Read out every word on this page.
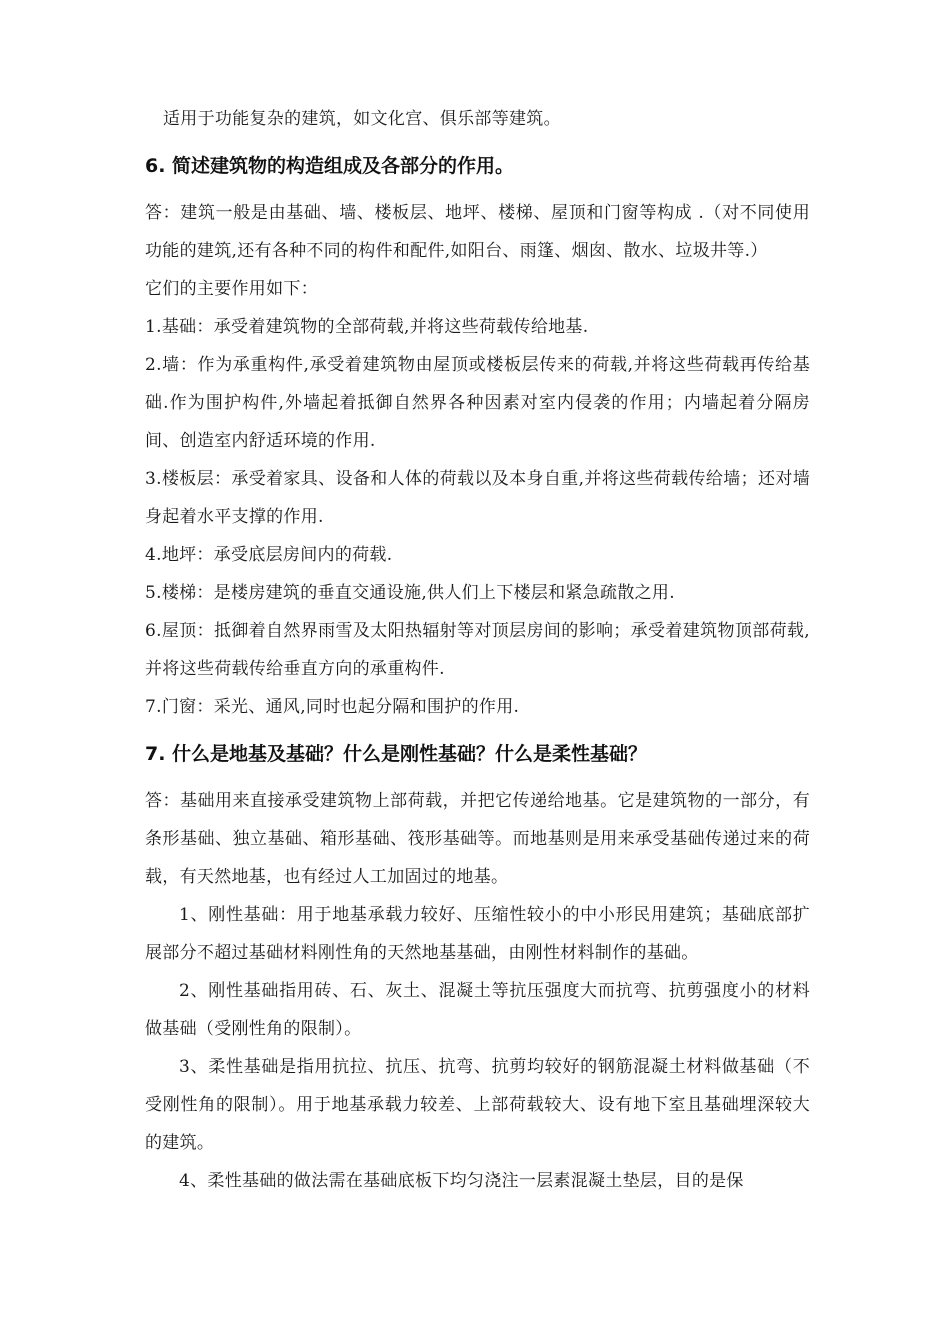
适用于功能复杂的建筑，如文化宫、俱乐部等建筑。

6. 简述建筑物的构造组成及各部分的作用。

答：建筑一般是由基础、墙、楼板层、地坪、楼梯、屋顶和门窗等构成 .（对不同使用功能的建筑,还有各种不同的构件和配件,如阳台、雨篷、烟囱、散水、垃圾井等.）

它们的主要作用如下：

1.基础：承受着建筑物的全部荷载,并将这些荷载传给地基.

2.墙：作为承重构件,承受着建筑物由屋顶或楼板层传来的荷载,并将这些荷载再传给基础.作为围护构件,外墙起着抵御自然界各种因素对室内侵袭的作用；内墙起着分隔房间、创造室内舒适环境的作用.

3.楼板层：承受着家具、设备和人体的荷载以及本身自重,并将这些荷载传给墙；还对墙身起着水平支撑的作用.

4.地坪：承受底层房间内的荷载.

5.楼梯：是楼房建筑的垂直交通设施,供人们上下楼层和紧急疏散之用.

6.屋顶：抵御着自然界雨雪及太阳热辐射等对顶层房间的影响；承受着建筑物顶部荷载,并将这些荷载传给垂直方向的承重构件.

7.门窗：采光、通风,同时也起分隔和围护的作用.

7. 什么是地基及基础？什么是刚性基础？什么是柔性基础？

答：基础用来直接承受建筑物上部荷载，并把它传递给地基。它是建筑物的一部分，有条形基础、独立基础、箱形基础、筏形基础等。而地基则是用来承受基础传递过来的荷载，有天然地基，也有经过人工加固过的地基。

1、刚性基础：用于地基承载力较好、压缩性较小的中小形民用建筑；基础底部扩展部分不超过基础材料刚性角的天然地基基础，由刚性材料制作的基础。

2、刚性基础指用砖、石、灰土、混凝土等抗压强度大而抗弯、抗剪强度小的材料做基础（受刚性角的限制）。

3、柔性基础是指用抗拉、抗压、抗弯、抗剪均较好的钢筋混凝土材料做基础（不受刚性角的限制）。用于地基承载力较差、上部荷载较大、设有地下室且基础埋深较大的建筑。

4、柔性基础的做法需在基础底板下均匀浇注一层素混凝土垫层，目的是保
